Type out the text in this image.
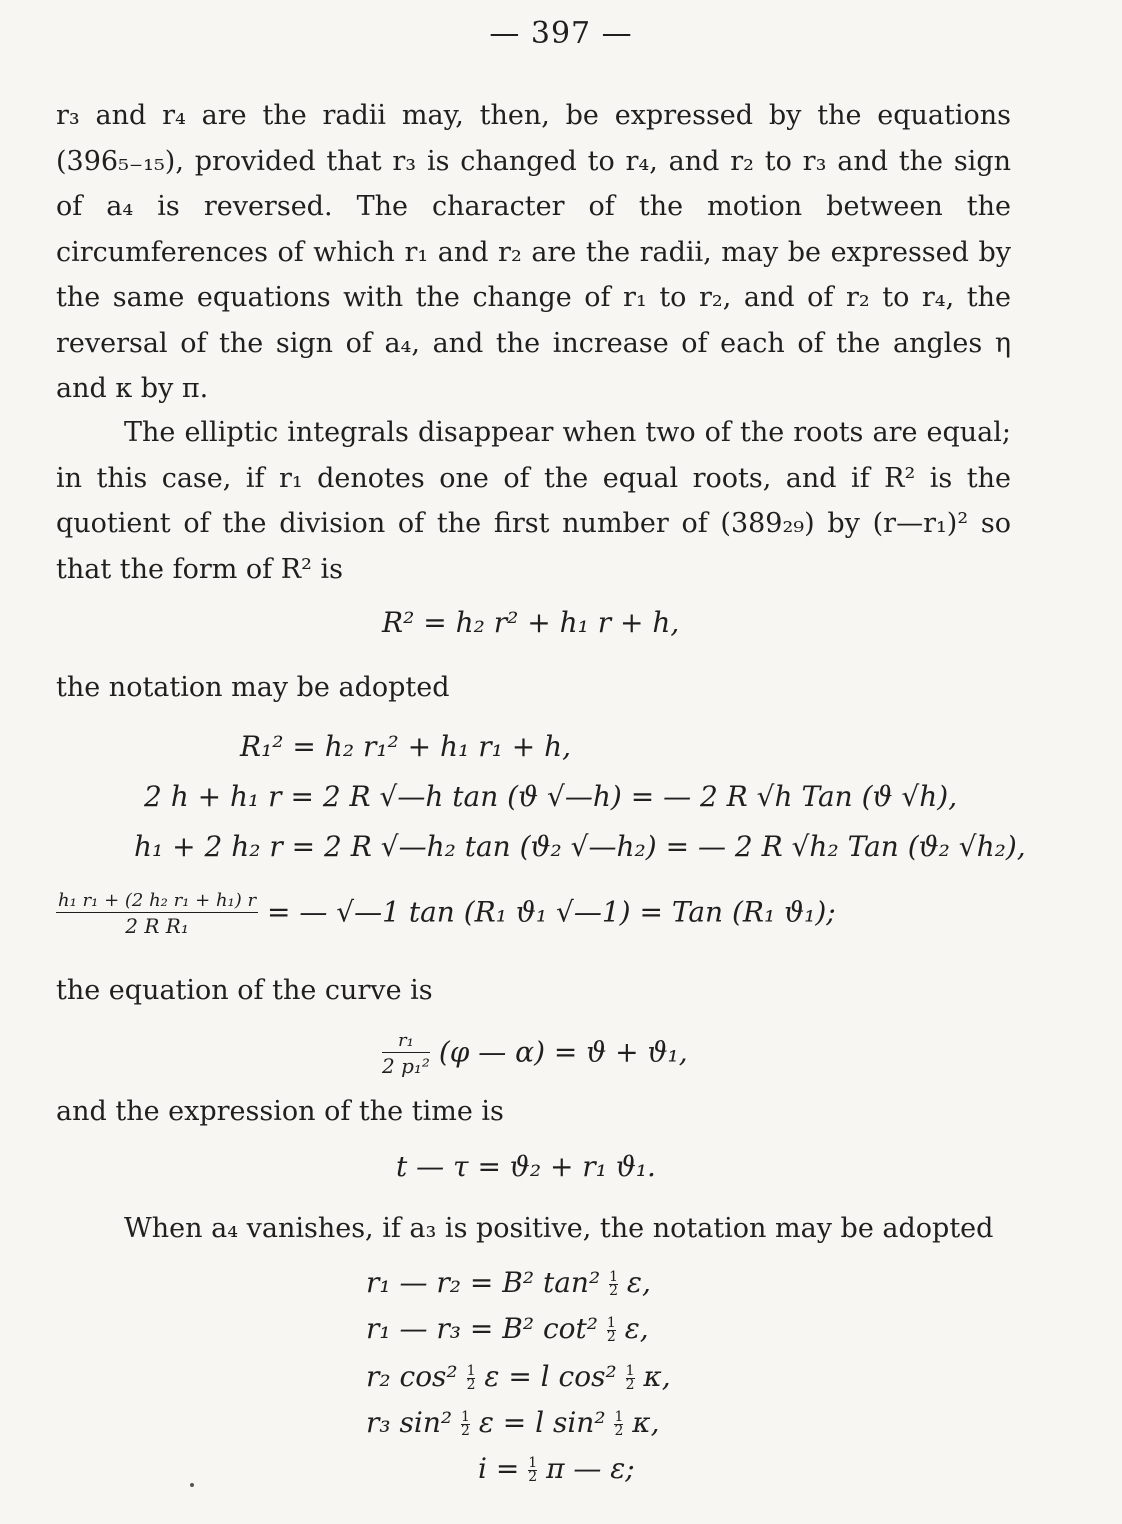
— 397 —
r₃ and r₄ are the radii may, then, be expressed by the equations (396₅₋₁₅), provided that r₃ is changed to r₄, and r₂ to r₃ and the sign of a₄ is reversed. The character of the motion between the circumferences of which r₁ and r₂ are the radii, may be expressed by the same equations with the change of r₁ to r₂, and of r₂ to r₄, the reversal of the sign of a₄, and the increase of each of the angles η and κ by π.
The elliptic integrals disappear when two of the roots are equal; in this case, if r₁ denotes one of the equal roots, and if R² is the quotient of the division of the first number of (389₂₉) by (r—r₁)² so that the form of R² is
R² = h₂ r² + h₁ r + h,
the notation may be adopted
R₁² = h₂ r₁² + h₁ r₁ + h,
2 h + h₁ r = 2 R √—h tan (ϑ √—h) = — 2 R √h Tan (ϑ √h),
h₁ + 2 h₂ r = 2 R √—h₂ tan (ϑ₂ √—h₂) = — 2 R √h₂ Tan (ϑ₂ √h₂),
$\frac{\text{h₁ r₁ + (2 h₂ r₁ + h₁) r}}{\text{2 R R₁}}$ = — √—1 tan (R₁ ϑ₁ √—1) = Tan (R₁ ϑ₁);
the equation of the curve is
$\frac{\text{r₁}}{\text{2 p₁²}} (\varphi$ — α) = ϑ + ϑ₁,
and the expression of the time is
t — τ = ϑ₂ + r₁ ϑ₁.
When a₄ vanishes, if a₃ is positive, the notation may be adopted
r₁ — r₂ = B² $\tan^2 \frac{1}{2} \varepsilon$,
r₁ — r₃ = B² $\cot^2 \frac{1}{2} \varepsilon$,
r₂ $\cos^2 \frac{1}{2}$ ε = l $\cos^2 \frac{1}{2} \kappa$,
r₃ $\sin^2 \frac{1}{2}$ ε = l $\sin^2 \frac{1}{2} \kappa$,
$i = \frac{1}{2}$ π — ε;
